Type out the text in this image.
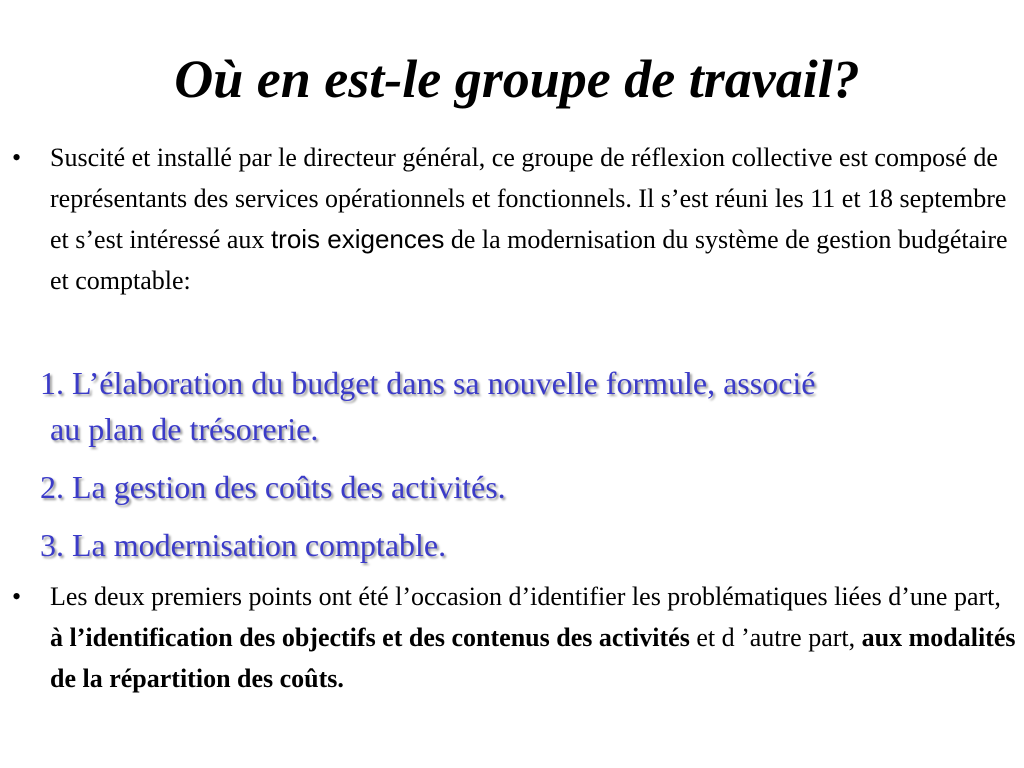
Où en est-le groupe de travail?
• Suscité et installé par le directeur général, ce groupe de réflexion collective est composé de représentants des services opérationnels et fonctionnels. Il s’est réuni les 11 et 18 septembre et s’est intéressé aux trois exigences de la modernisation du système de gestion budgétaire et comptable:
1. L’élaboration du budget dans sa nouvelle formule, associé
au plan de trésorerie.
2. La gestion des coûts des activités.
3. La modernisation comptable.
• Les deux premiers points ont été l’occasion d’identifier les problématiques liées d’une part, à l’identification des objectifs et des contenus des activités et d ’autre part, aux modalités de la répartition des coûts.
